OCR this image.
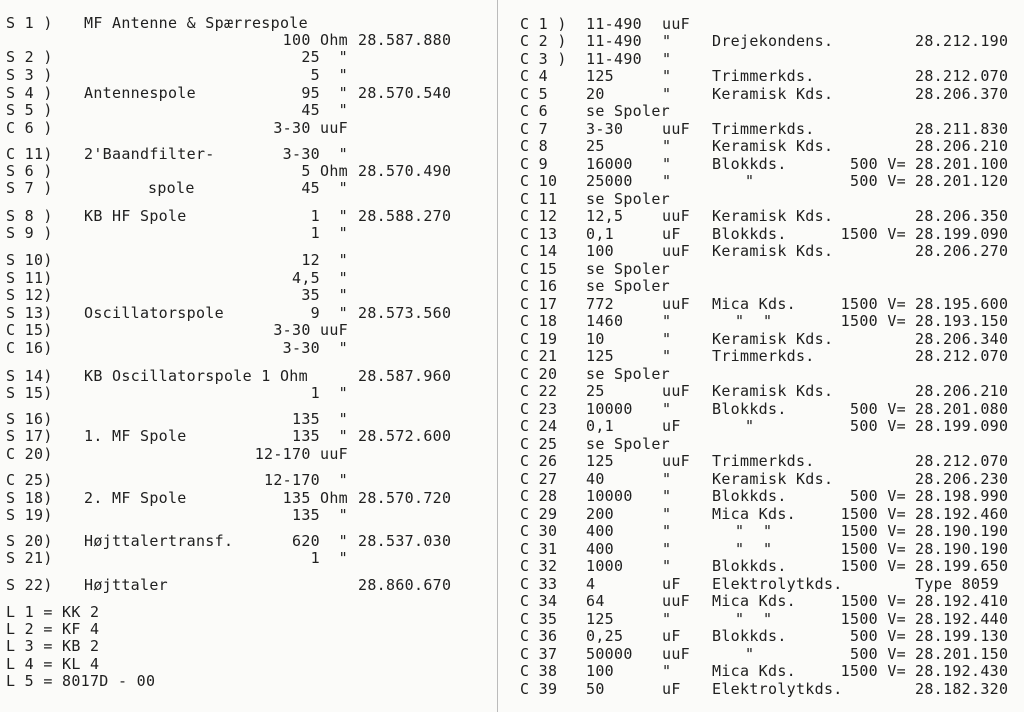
S 1 ) MF Antenne & Spærrespole
100 Ohm 28.587.880
S 2 )	25  "
S 3 )	5  "
S 4 ) Antennespole	95  " 28.570.540
S 5 )	45  "
C 6 )	3-30 uuF
C 11) 2'Baandfilter-	3-30  "
S 6 )	5 Ohm 28.570.490
S 7 )	spole	45  "
S 8 ) KB HF Spole	1  " 28.588.270
S 9 )	1  "
S 10)	12  "
S 11)	4,5  "
S 12)	35  "
S 13) Oscillatorspole	9  " 28.573.560
C 15)	3-30 uuF
C 16)	3-30  "
S 14) KB Oscillatorspole 1 Ohm	28.587.960
S 15)	1  "
S 16)	135  "
S 17) 1. MF Spole	135  " 28.572.600
C 20)	12-170 uuF
C 25)	12-170  "
S 18) 2. MF Spole	135 Ohm 28.570.720
S 19)	135  "
S 20) Højttalertransf.	620  " 28.537.030
S 21)	1  "
S 22) Højttaler	28.860.670
L 1 = KK 2
L 2 = KF 4
L 3 = KB 2
L 4 = KL 4
L 5 = 8017D - 00
C 1 ) 11-490 uuF
C 2 ) 11-490 "	Drejekondens.	28.212.190
C 3 ) 11-490 "
C 4	125	"	Trimmerkds.	28.212.070
C 5	20	"	Keramisk Kds.	28.206.370
C 6	se Spoler
C 7	3-30	uuF Trimmerkds.	28.211.830
C 8	25	"	Keramisk Kds.	28.206.210
C 9	16000 "	Blokkds.	500 V= 28.201.100
C 10 25000 "	"	500 V= 28.201.120
C 11 se Spoler
C 12 12,5	uuF Keramisk Kds.	28.206.350
C 13 0,1	uF Blokkds.	1500 V= 28.199.090
C 14 100	uuF Keramisk Kds.	28.206.270
C 15 se Spoler
C 16 se Spoler
C 17 772	uuF Mica Kds.	1500 V= 28.195.600
C 18 1460	"	"  "	1500 V= 28.193.150
C 19 10	"	Keramisk Kds.	28.206.340
C 21 125	"	Trimmerkds.	28.212.070
C 20 se Spoler
C 22 25	uuF Keramisk Kds.	28.206.210
C 23 10000 "	Blokkds.	500 V= 28.201.080
C 24 0,1	uF	"	500 V= 28.199.090
C 25 se Spoler
C 26 125	uuF Trimmerkds.	28.212.070
C 27 40	"	Keramisk Kds.	28.206.230
C 28 10000 "	Blokkds.	500 V= 28.198.990
C 29 200	"	Mica Kds.	1500 V= 28.192.460
C 30 400	"	"  "	1500 V= 28.190.190
C 31 400	"	"  "	1500 V= 28.190.190
C 32 1000	"	Blokkds.	1500 V= 28.199.650
C 33 4	uF Elektrolytkds.	Type 8059
C 34 64	uuF Mica Kds.	1500 V= 28.192.410
C 35 125	"	"  "	1500 V= 28.192.440
C 36 0,25	uF Blokkds.	500 V= 28.199.130
C 37 50000 uuF	"	500 V= 28.201.150
C 38 100	"	Mica Kds.	1500 V= 28.192.430
C 39 50	uF Elektrolytkds.	28.182.320
